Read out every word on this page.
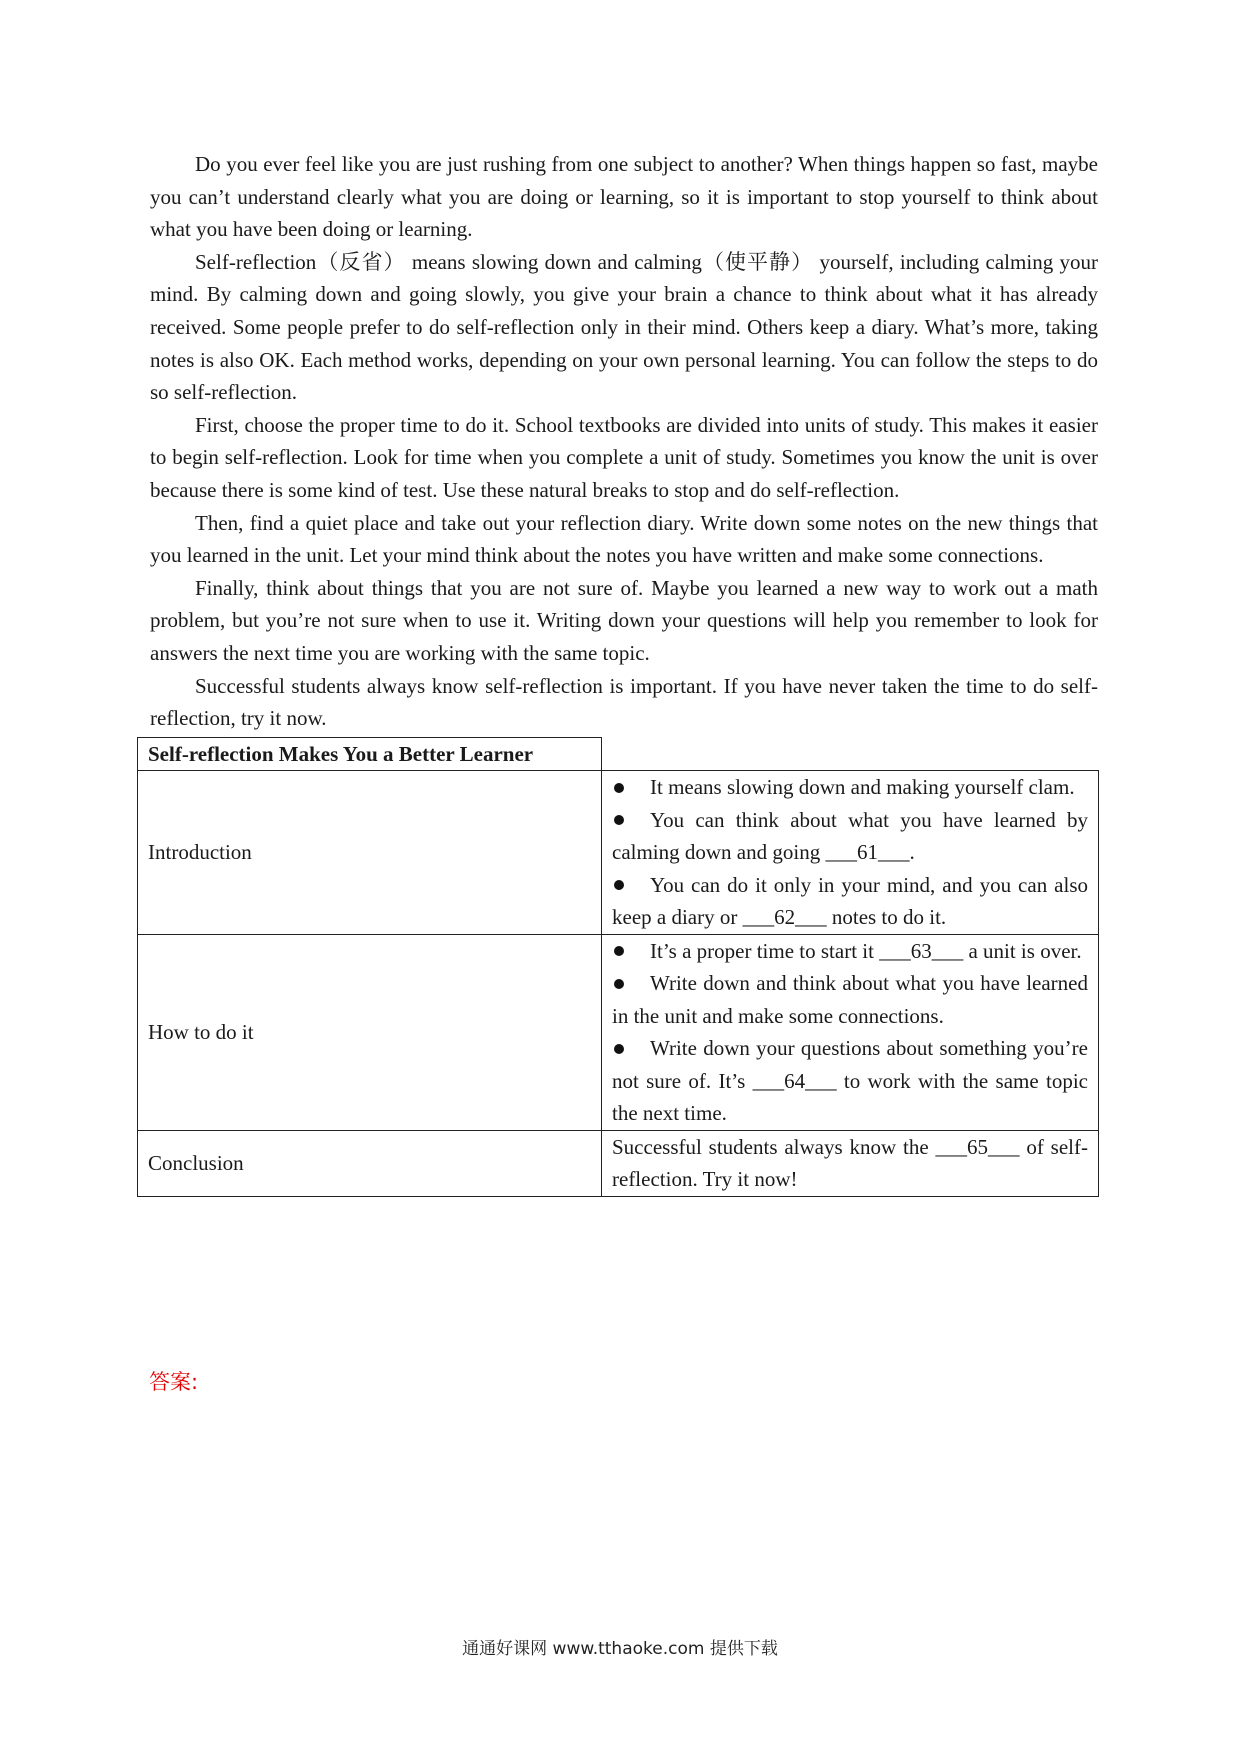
Do you ever feel like you are just rushing from one subject to another? When things happen so fast, maybe you can’t understand clearly what you are doing or learning, so it is important to stop yourself to think about what you have been doing or learning.

Self-reflection（反省） means slowing down and calming（使平静） yourself, including calming your mind. By calming down and going slowly, you give your brain a chance to think about what it has already received. Some people prefer to do self-reflection only in their mind. Others keep a diary. What’s more, taking notes is also OK. Each method works, depending on your own personal learning. You can follow the steps to do so self-reflection.

First, choose the proper time to do it. School textbooks are divided into units of study. This makes it easier to begin self-reflection. Look for time when you complete a unit of study. Sometimes you know the unit is over because there is some kind of test. Use these natural breaks to stop and do self-reflection.

Then, find a quiet place and take out your reflection diary. Write down some notes on the new things that you learned in the unit. Let your mind think about the notes you have written and make some connections.

Finally, think about things that you are not sure of. Maybe you learned a new way to work out a math problem, but you’re not sure when to use it. Writing down your questions will help you remember to look for answers the next time you are working with the same topic.

Successful students always know self-reflection is important. If you have never taken the time to do self-reflection, try it now.

Self-reflection Makes You a Better Learner	
Introduction	It means slowing down and making yourself clam.

You can think about what you have learned by calming down and going ___61___.

You can do it only in your mind, and you can also keep a diary or ___62___ notes to do it.

How to do it	It’s a proper time to start it ___63___ a unit is over.

Write down and think about what you have learned in the unit and make some connections.

Write down your questions about something you’re not sure of. It’s ___64___ to work with the same topic the next time.

Conclusion	Successful students always know the ___65___ of self-reflection. Try it now!
答案:
通通好课网 www.tthaoke.com 提供下载
